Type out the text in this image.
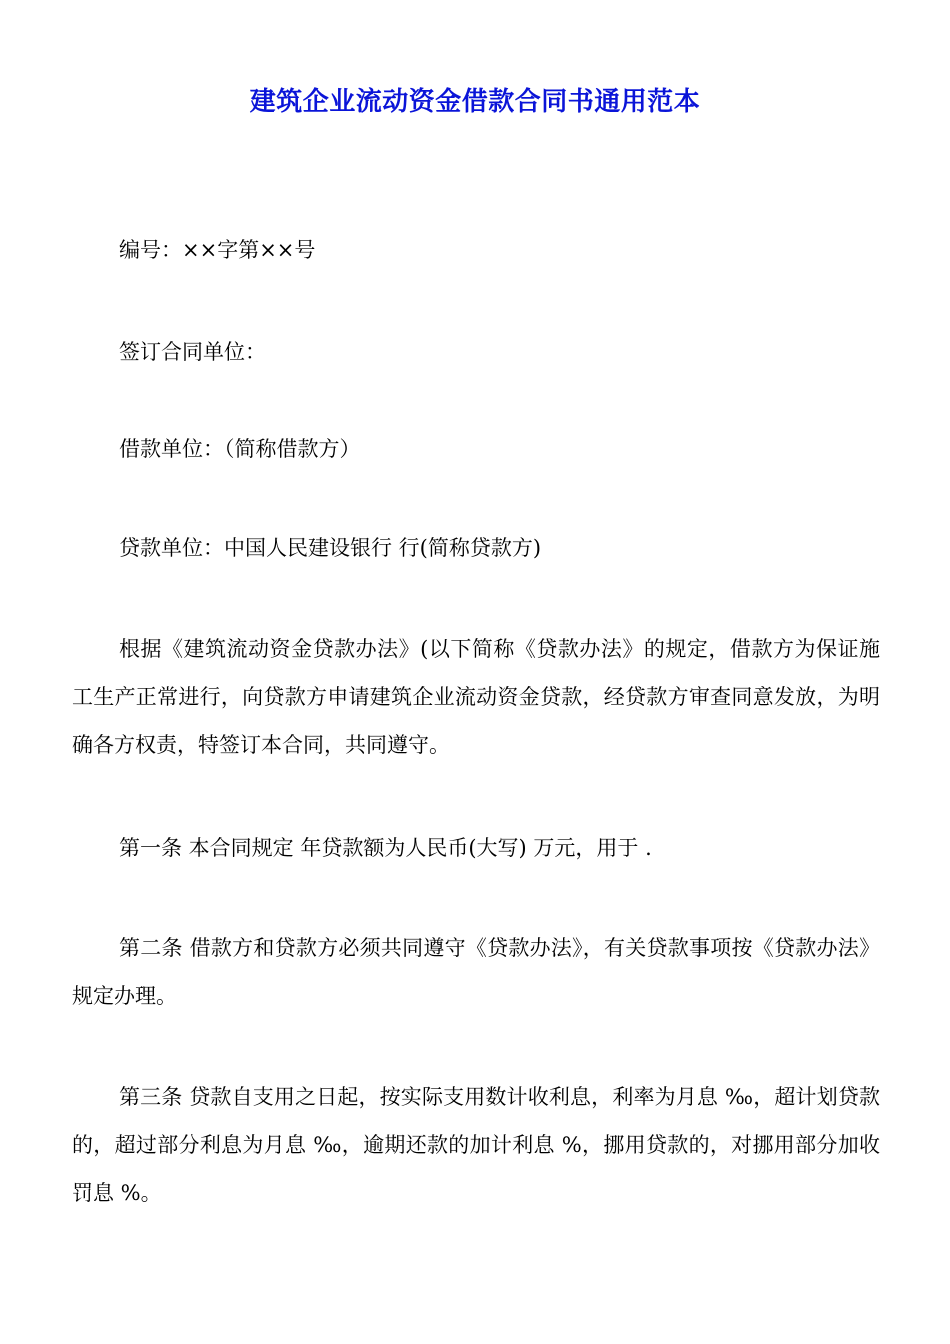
建筑企业流动资金借款合同书通用范本

编号：××字第××号

签订合同单位：

借款单位：（简称借款方）

贷款单位：中国人民建设银行 行(简称贷款方)

根据《建筑流动资金贷款办法》(以下简称《贷款办法》的规定，借款方为保证施工生产正常进行，向贷款方申请建筑企业流动资金贷款，经贷款方审查同意发放，为明确各方权责，特签订本合同，共同遵守。

第一条 本合同规定 年贷款额为人民币(大写) 万元，用于 .

第二条 借款方和贷款方必须共同遵守《贷款办法》，有关贷款事项按《贷款办法》规定办理。

第三条 贷款自支用之日起，按实际支用数计收利息，利率为月息 ‰，超计划贷款的，超过部分利息为月息 ‰，逾期还款的加计利息 %，挪用贷款的，对挪用部分加收罚息 %。
